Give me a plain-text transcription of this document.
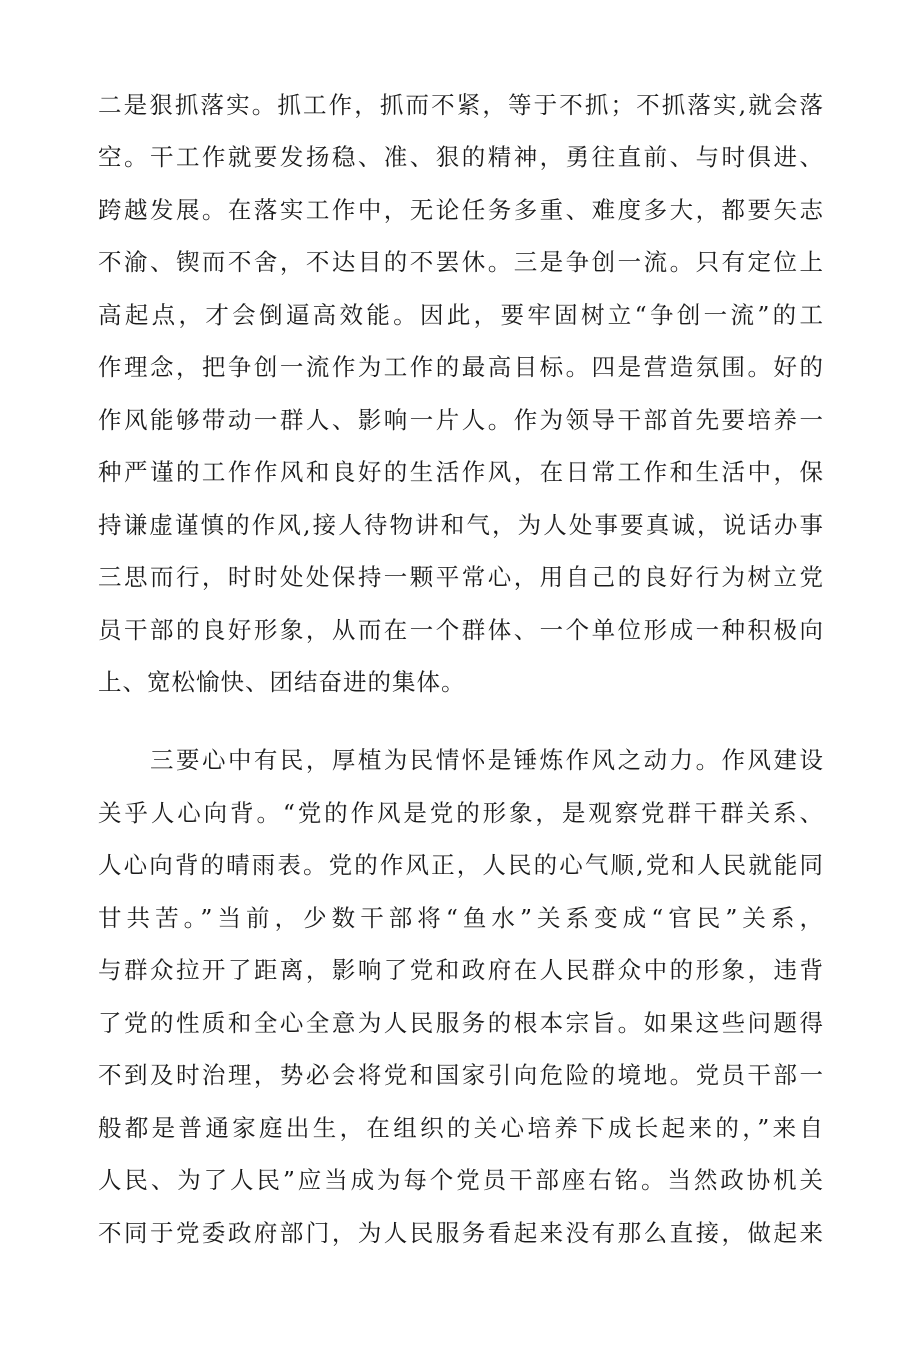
二是狠抓落实。抓工作，抓而不紧，等于不抓；不抓落实,就会落
空。干工作就要发扬稳、准、狠的精神，勇往直前、与时俱进、
跨越发展。在落实工作中，无论任务多重、难度多大，都要矢志
不渝、锲而不舍，不达目的不罢休。三是争创一流。只有定位上
高起点，才会倒逼高效能。因此，要牢固树立“争创一流”的工
作理念，把争创一流作为工作的最高目标。四是营造氛围。好的
作风能够带动一群人、影响一片人。作为领导干部首先要培养一
种严谨的工作作风和良好的生活作风，在日常工作和生活中，保
持谦虚谨慎的作风,接人待物讲和气，为人处事要真诚，说话办事
三思而行，时时处处保持一颗平常心，用自己的良好行为树立党
员干部的良好形象，从而在一个群体、一个单位形成一种积极向
上、宽松愉快、团结奋进的集体。
三要心中有民，厚植为民情怀是锤炼作风之动力。作风建设
关乎人心向背。“党的作风是党的形象，是观察党群干群关系、
人心向背的晴雨表。党的作风正，人民的心气顺,党和人民就能同
甘共苦。”当前，少数干部将“鱼水”关系变成“官民”关系，
与群众拉开了距离，影响了党和政府在人民群众中的形象，违背
了党的性质和全心全意为人民服务的根本宗旨。如果这些问题得
不到及时治理，势必会将党和国家引向危险的境地。党员干部一
般都是普通家庭出生，在组织的关心培养下成长起来的，”来自
人民、为了人民”应当成为每个党员干部座右铭。当然政协机关
不同于党委政府部门，为人民服务看起来没有那么直接，做起来
